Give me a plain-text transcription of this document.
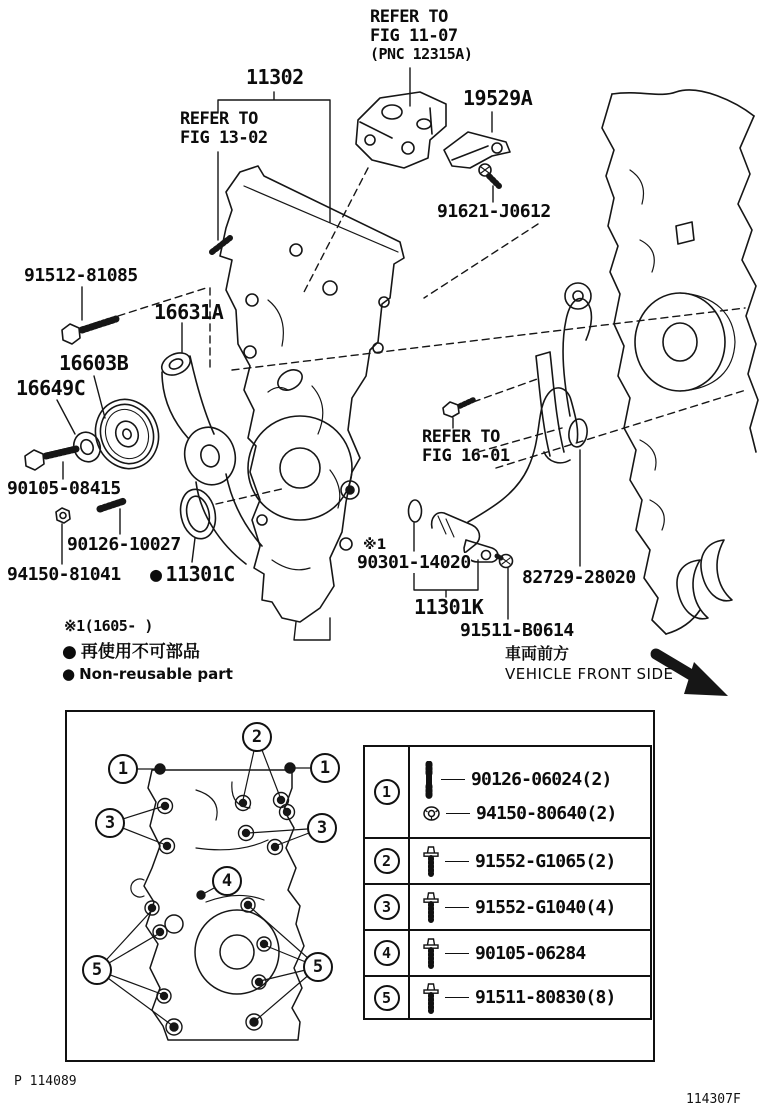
REFER TO
FIG 11-07
(PNC 12315A)
11302
19529A
REFER TO
FIG 13-02
91621-J0612
91512-81085
16631A
16603B
16649C
90105-08415
90126-10027
94150-81041 ● 11301C
REFER TO
FIG 16-01
※1
90301-14020
11301K
91511-B0614
82729-28020
※1(1605- )
● 再使用不可部品
● Non-reusable part
車両前方
VEHICLE FRONT SIDE
1	1
2
3	3
4
5	5
1
90126-06024(2)
94150-80640(2)
2	91552-G1065(2)
3	91552-G1040(4)
4	90105-06284
5	91511-80830(8)
P 114089
114307F
